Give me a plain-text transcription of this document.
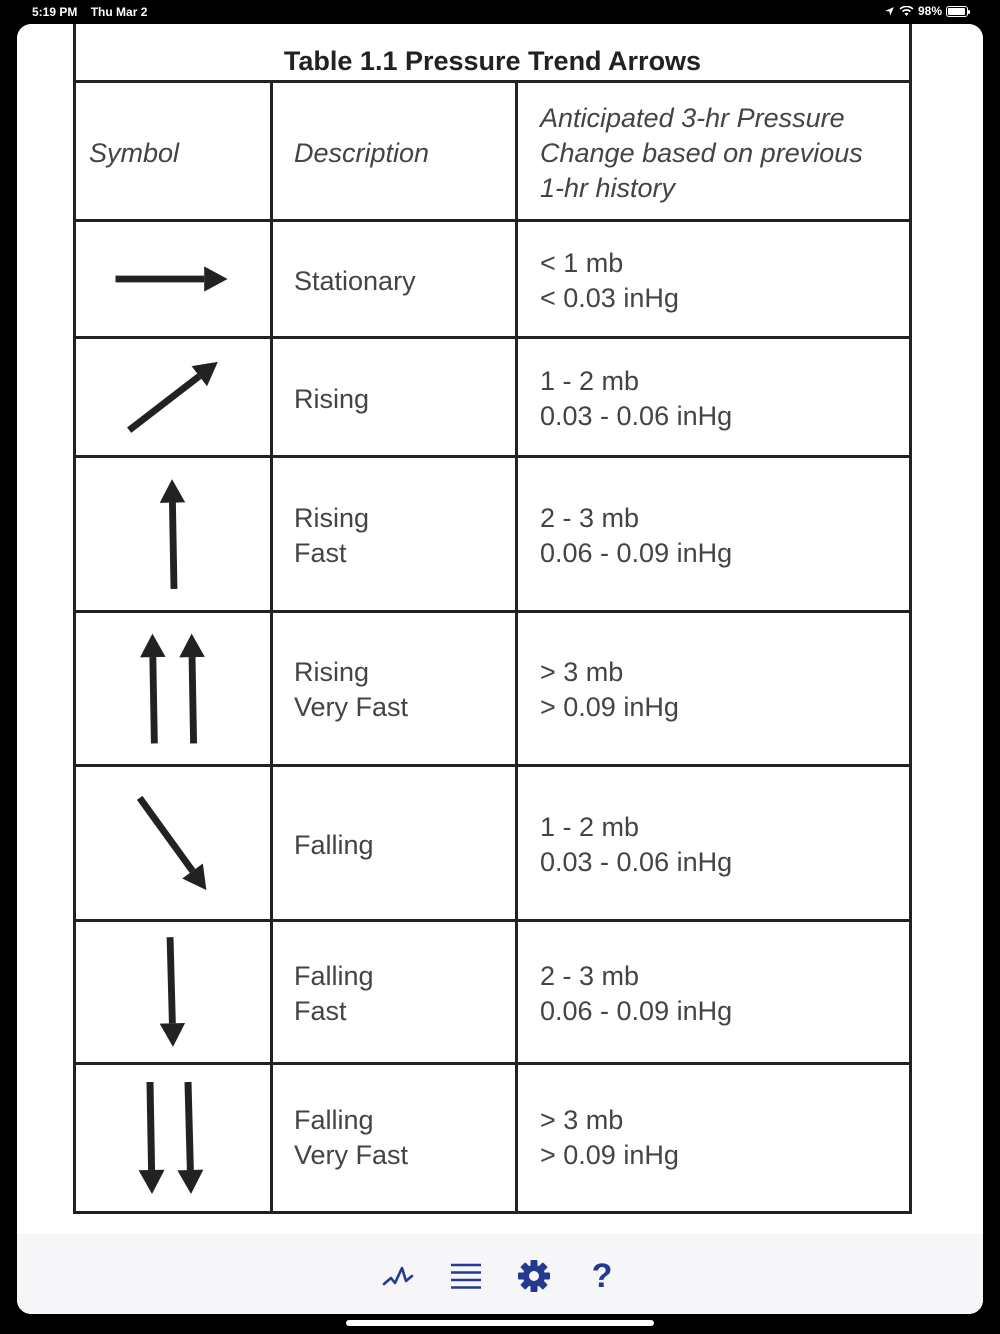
5:19 PM Thu Mar 2	98%
Table 1.1 Pressure Trend Arrows
Symbol	Description
Anticipated 3-hr Pressure
Change based on previous
1-hr history
Stationary
< 1 mb
< 0.03 inHg
Rising
1 - 2 mb
0.03 - 0.06 inHg
Rising
Fast
2 - 3 mb
0.06 - 0.09 inHg
Rising
Very Fast
> 3 mb
> 0.09 inHg
Falling
1 - 2 mb
0.03 - 0.06 inHg
Falling
Fast
2 - 3 mb
0.06 - 0.09 inHg
Falling
Very Fast
> 3 mb
> 0.09 inHg
?
